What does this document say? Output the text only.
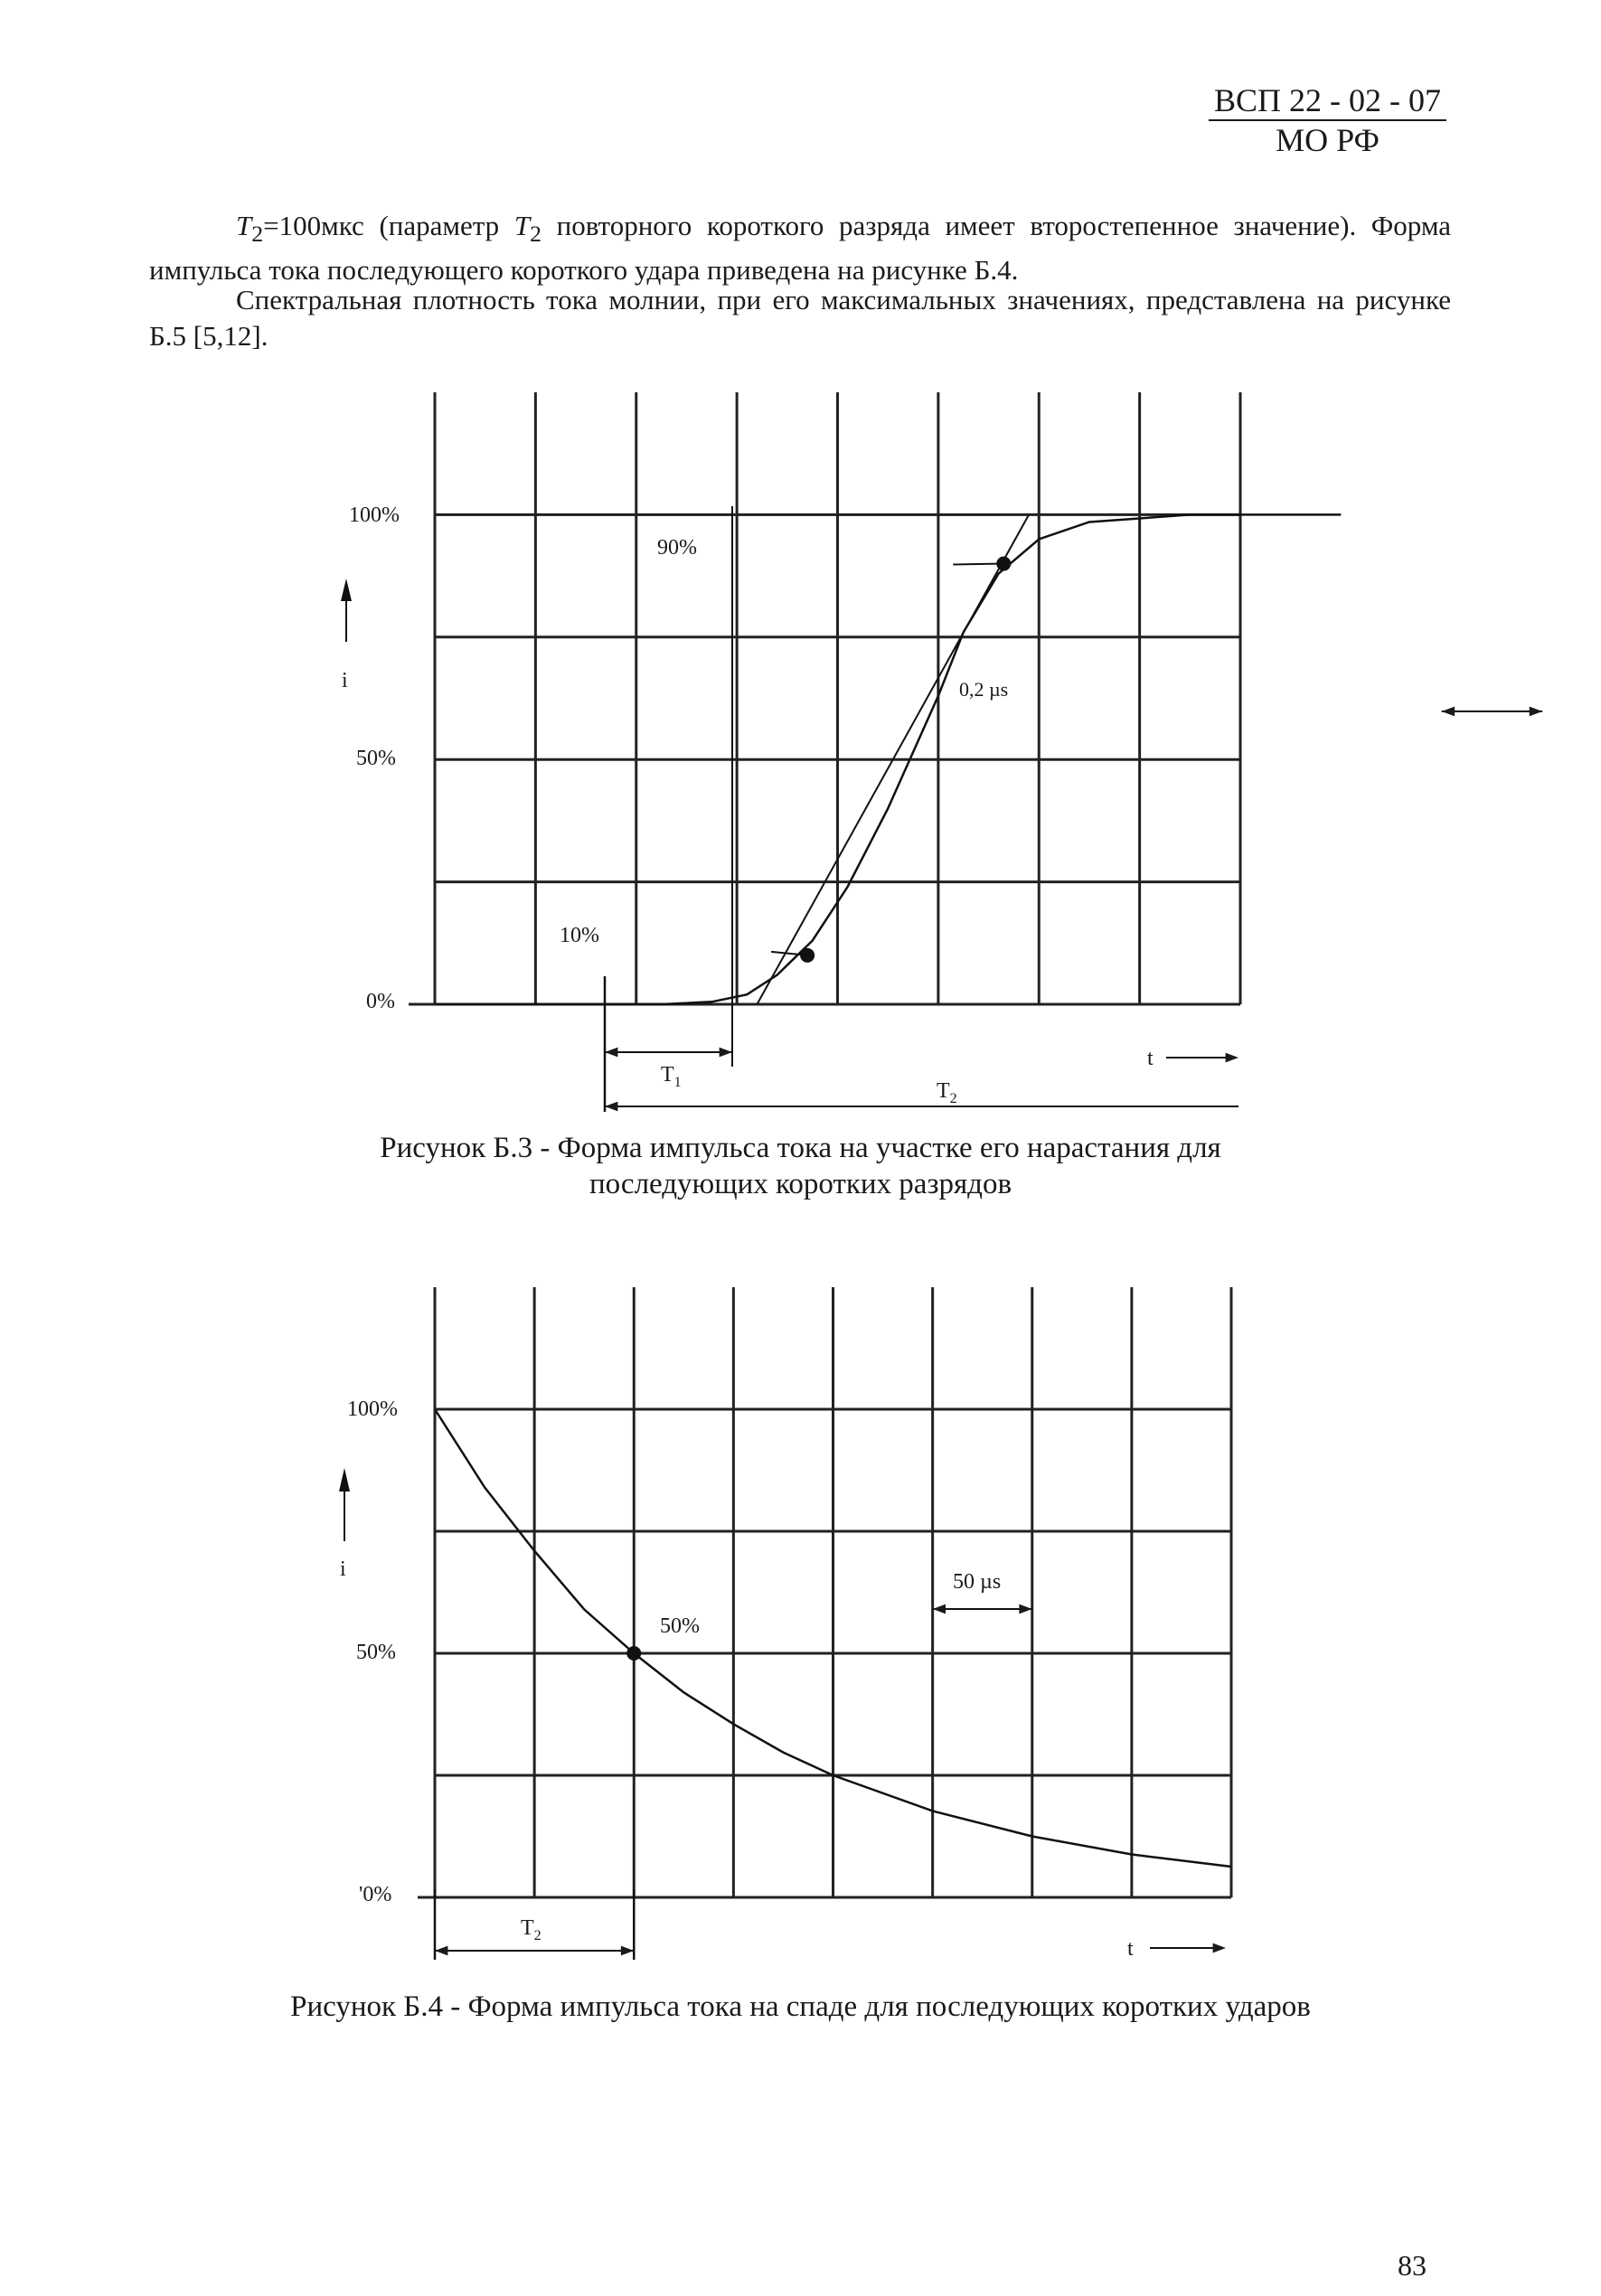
ВСП 22 - 02 - 07
МО РФ
$T_2=100мкс$ (параметр $T_2$ повторного короткого разряда имеет второстепенное значение). Форма импульса тока последующего короткого удара приведена на рисунке Б.4.
Спектральная плотность тока молнии, при его максимальных значениях, представлена на рисунке Б.5 [5,12].
100%
50%
0%
i
90%
10%
0,2 µs
t
$T_1$	$T_2$
Рисунок Б.3 - Форма импульса тока на участке его нарастания для
последующих коротких разрядов
100%
50%
'0%
i
50%
50 µs
t
$T_2$
Рисунок Б.4 - Форма импульса тока на спаде для последующих коротких ударов
83
